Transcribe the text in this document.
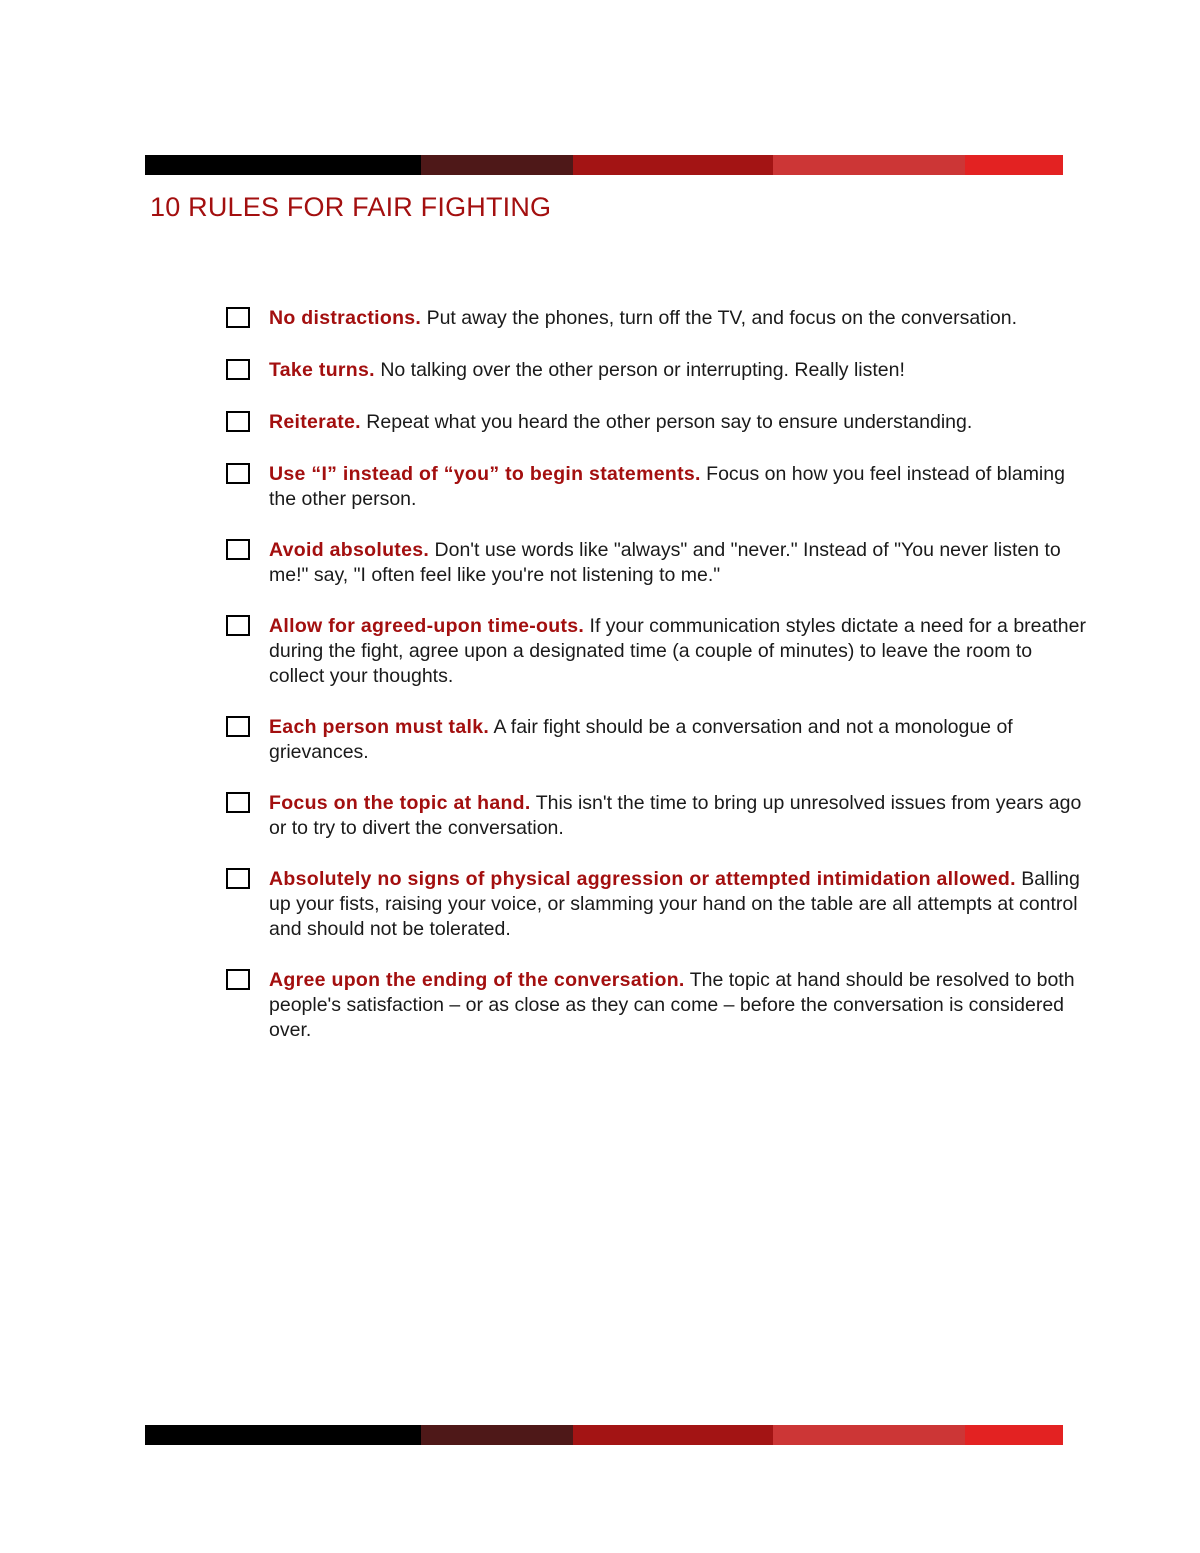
10 RULES FOR FAIR FIGHTING
No distractions. Put away the phones, turn off the TV, and focus on the conversation.
Take turns. No talking over the other person or interrupting. Really listen!
Reiterate. Repeat what you heard the other person say to ensure understanding.
Use “I” instead of “you” to begin statements. Focus on how you feel instead of blaming the other person.
Avoid absolutes. Don't use words like "always" and "never." Instead of "You never listen to me!" say, "I often feel like you're not listening to me."
Allow for agreed-upon time-outs. If your communication styles dictate a need for a breather during the fight, agree upon a designated time (a couple of minutes) to leave the room to collect your thoughts.
Each person must talk. A fair fight should be a conversation and not a monologue of grievances.
Focus on the topic at hand. This isn't the time to bring up unresolved issues from years ago or to try to divert the conversation.
Absolutely no signs of physical aggression or attempted intimidation allowed. Balling up your fists, raising your voice, or slamming your hand on the table are all attempts at control and should not be tolerated.
Agree upon the ending of the conversation. The topic at hand should be resolved to both people's satisfaction – or as close as they can come – before the conversation is considered over.
